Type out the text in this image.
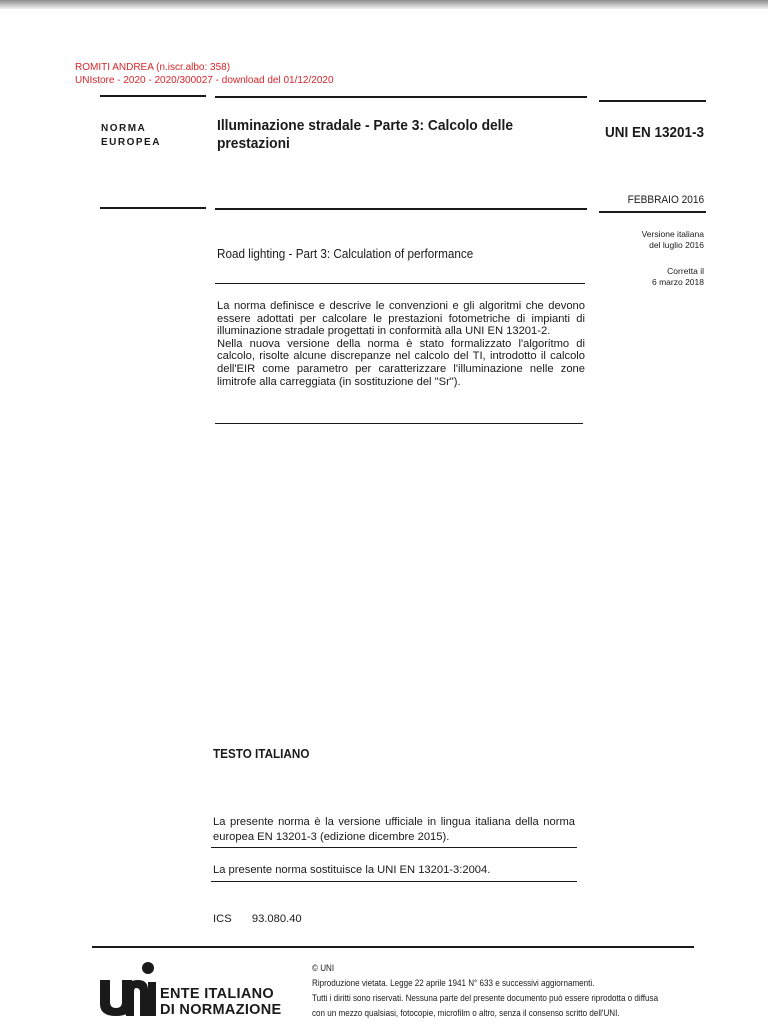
ROMITI ANDREA (n.iscr.albo: 358)
UNIstore - 2020 - 2020/300027 - download del 01/12/2020
NORMA
EUROPEA
Illuminazione stradale - Parte 3: Calcolo delle
prestazioni
UNI EN 13201-3
FEBBRAIO 2016
Versione italiana
del luglio 2016
Corretta il
6 marzo 2018
Road lighting - Part 3: Calculation of performance
La norma definisce e descrive le convenzioni e gli algoritmi che devono essere adottati per calcolare le prestazioni fotometriche di impianti di illuminazione stradale progettati in conformità alla UNI EN 13201-2.
Nella nuova versione della norma è stato formalizzato l'algoritmo di calcolo, risolte alcune discrepanze nel calcolo del TI, introdotto il calcolo dell'EIR come parametro per caratterizzare l'illuminazione nelle zone limitrofe alla carreggiata (in sostituzione del "Sr").
TESTO ITALIANO
La presente norma è la versione ufficiale in lingua italiana della norma europea EN 13201-3 (edizione dicembre 2015).
La presente norma sostituisce la UNI EN 13201-3:2004.
ICS 93.080.40
ENTE ITALIANO
DI NORMAZIONE
© UNI
Riproduzione vietata. Legge 22 aprile 1941 N° 633 e successivi aggiornamenti.
Tutti i diritti sono riservati. Nessuna parte del presente documento può essere riprodotta o diffusa
con un mezzo qualsiasi, fotocopie, microfilm o altro, senza il consenso scritto dell'UNI.
